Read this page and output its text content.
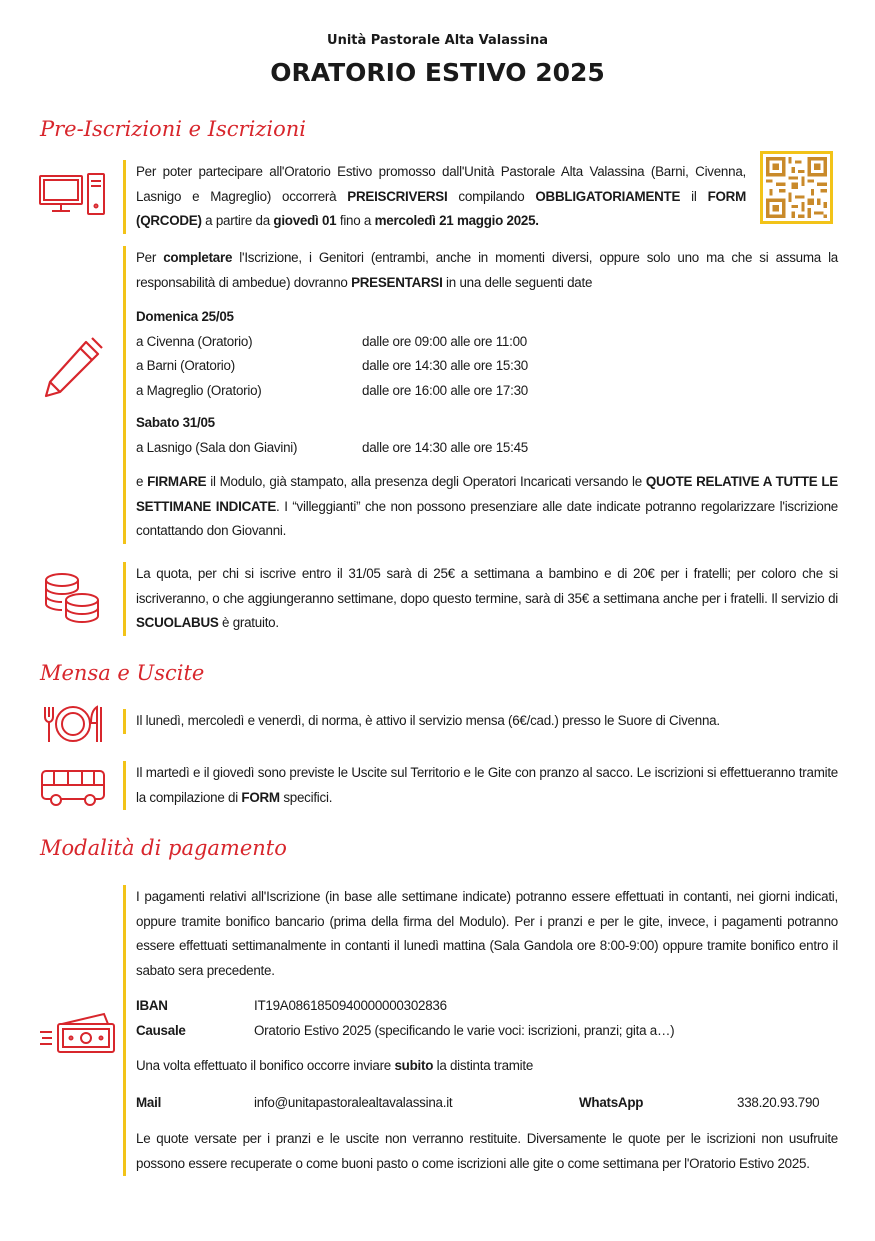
Unità Pastorale Alta Valassina
ORATORIO ESTIVO 2025
Pre-Iscrizioni e Iscrizioni

Per poter partecipare all'Oratorio Estivo promosso dall'Unità Pastorale Alta Valassina (Barni, Civenna, Lasnigo e Magreglio) occorrerà PREISCRIVERSI compilando OBBLIGATORIAMENTE il FORM (QRCODE) a partire da giovedì 01 fino a mercoledì 21 maggio 2025.

Per completare l'Iscrizione, i Genitori (entrambi, anche in momenti diversi, oppure solo uno ma che si assuma la responsabilità di ambedue) dovranno PRESENTARSI in una delle seguenti date

Domenica 25/05
a Civenna (Oratorio)	dalle ore 09:00 alle ore 11:00
a Barni (Oratorio)	dalle ore 14:30 alle ore 15:30
a Magreglio (Oratorio)	dalle ore 16:00 alle ore 17:30
Sabato 31/05
a Lasnigo (Sala don Giavini)	dalle ore 14:30 alle ore 15:45

e FIRMARE il Modulo, già stampato, alla presenza degli Operatori Incaricati versando le QUOTE RELATIVE A TUTTE LE SETTIMANE INDICATE. I “villeggianti” che non possono presenziare alle date indicate potranno regolarizzare l'iscrizione contattando don Giovanni.

La quota, per chi si iscrive entro il 31/05 sarà di 25€ a settimana a bambino e di 20€ per i fratelli; per coloro che si iscriveranno, o che aggiungeranno settimane, dopo questo termine, sarà di 35€ a settimana anche per i fratelli. Il servizio di SCUOLABUS è gratuito.

Mensa e Uscite

Il lunedì, mercoledì e venerdì, di norma, è attivo il servizio mensa (6€/cad.) presso le Suore di Civenna.

Il martedì e il giovedì sono previste le Uscite sul Territorio e le Gite con pranzo al sacco. Le iscrizioni si effettueranno tramite la compilazione di FORM specifici.

Modalità di pagamento

I pagamenti relativi all'Iscrizione (in base alle settimane indicate) potranno essere effettuati in contanti, nei giorni indicati, oppure tramite bonifico bancario (prima della firma del Modulo). Per i pranzi e per le gite, invece, i pagamenti potranno essere effettuati settimanalmente in contanti il lunedì mattina (Sala Gandola ore 8:00-9:00) oppure tramite bonifico entro il sabato sera precedente.

IBAN	IT19A0861850940000000302836
Causale	Oratorio Estivo 2025 (specificando le varie voci: iscrizioni, pranzi; gita a…)

Una volta effettuato il bonifico occorre inviare subito la distinta tramite

Mail	info@unitapastoralealtavalassina.it	WhatsApp	338.20.93.790

Le quote versate per i pranzi e le uscite non verranno restituite. Diversamente le quote per le iscrizioni non usufruite possono essere recuperate o come buoni pasto o come iscrizioni alle gite o come settimana per l'Oratorio Estivo 2025.
